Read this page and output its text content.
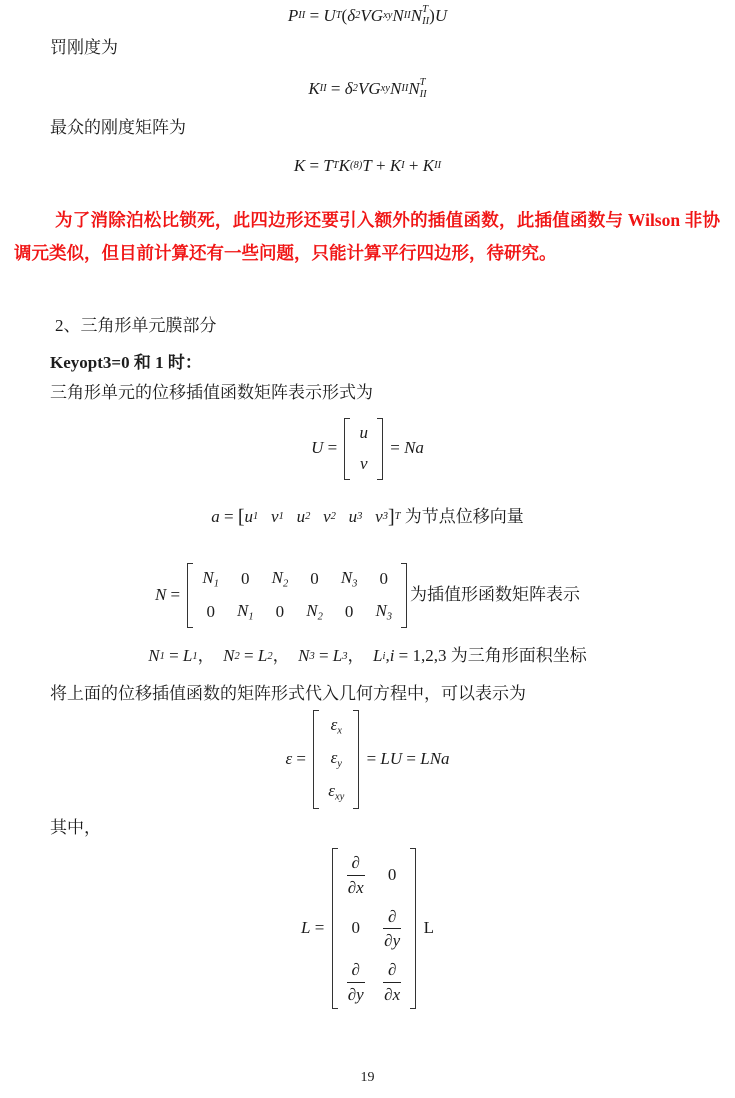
P II = U T ( δ 2 VG xy N II N T
II ) U

罚刚度为

K II = δ 2 VG xy N II N T
II

最众的刚度矩阵为

K = T T K (8) T + K I + K II

为了消除泊松比锁死，此四边形还要引入额外的插值函数，此插值函数与 Wilson 非协调元类似，但目前计算还有一些问题，只能计算平行四边形，待研究。

2、三角形单元膜部分

Keyopt3=0 和 1 时：

三角形单元的位移插值函数矩阵表示形式为

U =
u
v
= Na
a = [ u 1
v 1
u 2
v 2
u 3
v 3 ] T 为节点位移向量
N =
$N_1$	0	$N_2$	0	$N_3$	0
0	$N_1$	0	$N_2$	0	$N_3$
为插值形函数矩阵表示
N 1 = L 1 ， N 2 = L 2 ， N 3 = L 3 ， L i , i = 1,2,3 为三角形面积坐标

将上面的位移插值函数的矩阵形式代入几何方程中，可以表示为

ε =
$\varepsilon_x$
$\varepsilon_y$
$\varepsilon_{xy}$
= LU = LNa

其中，

L =
$\frac{\partial}{\partial x}$	0
0	$\frac{\partial}{\partial y}$

$\frac{\partial}{\partial y}$	$\frac{\partial}{\partial x}$
L
19
